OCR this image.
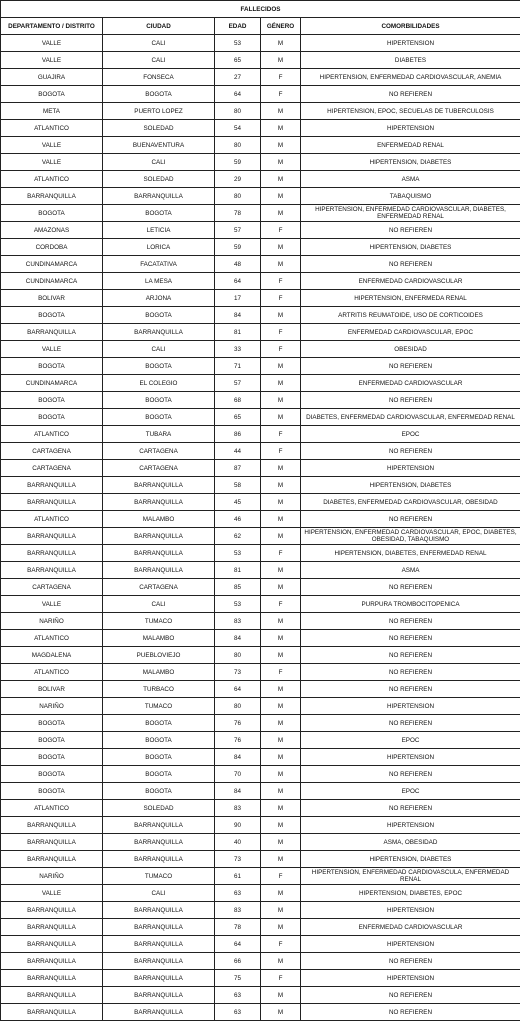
FALLECIDOS				
DEPARTAMENTO / DISTRITO	CIUDAD	EDAD	GÉNERO	COMORBILIDADES
VALLE	CALI	53	M	HIPERTENSION
VALLE	CALI	65	M	DIABETES
GUAJIRA	FONSECA	27	F	HIPERTENSION, ENFERMEDAD CARDIOVASCULAR, ANEMIA
BOGOTA	BOGOTA	64	F	NO REFIEREN
META	PUERTO LOPEZ	80	M	HIPERTENSION, EPOC, SECUELAS DE TUBERCULOSIS
ATLANTICO	SOLEDAD	54	M	HIPERTENSION
VALLE	BUENAVENTURA	80	M	ENFERMEDAD RENAL
VALLE	CALI	59	M	HIPERTENSION, DIABETES
ATLANTICO	SOLEDAD	29	M	ASMA
BARRANQUILLA	BARRANQUILLA	80	M	TABAQUISMO
BOGOTA	BOGOTA	78	M	HIPERTENSION, ENFERMEDAD CARDIOVASCULAR, DIABETES, ENFERMEDAD RENAL
AMAZONAS	LETICIA	57	F	NO REFIEREN
CORDOBA	LORICA	59	M	HIPERTENSION, DIABETES
CUNDINAMARCA	FACATATIVA	48	M	NO REFIEREN
CUNDINAMARCA	LA MESA	64	F	ENFERMEDAD CARDIOVASCULAR
BOLIVAR	ARJONA	17	F	HIPERTENSION, ENFERMEDA RENAL
BOGOTA	BOGOTA	84	M	ARTRITIS REUMATOIDE, USO DE CORTICOIDES
BARRANQUILLA	BARRANQUILLA	81	F	ENFERMEDAD CARDIOVASCULAR, EPOC
VALLE	CALI	33	F	OBESIDAD
BOGOTA	BOGOTA	71	M	NO REFIEREN
CUNDINAMARCA	EL COLEGIO	57	M	ENFERMEDAD CARDIOVASCULAR
BOGOTA	BOGOTA	68	M	NO REFIEREN
BOGOTA	BOGOTA	65	M	DIABETES, ENFERMEDAD CARDIOVASCULAR, ENFERMEDAD RENAL
ATLANTICO	TUBARA	86	F	EPOC
CARTAGENA	CARTAGENA	44	F	NO REFIEREN
CARTAGENA	CARTAGENA	87	M	HIPERTENSION
BARRANQUILLA	BARRANQUILLA	58	M	HIPERTENSION, DIABETES
BARRANQUILLA	BARRANQUILLA	45	M	DIABETES, ENFERMEDAD CARDIOVASCULAR, OBESIDAD
ATLANTICO	MALAMBO	46	M	NO REFIEREN
BARRANQUILLA	BARRANQUILLA	62	M	HIPERTENSION, ENFERMEDAD CARDIOVASCULAR, EPOC, DIABETES, OBESIDAD, TABAQUISMO
BARRANQUILLA	BARRANQUILLA	53	F	HIPERTENSION, DIABETES, ENFERMEDAD RENAL
BARRANQUILLA	BARRANQUILLA	81	M	ASMA
CARTAGENA	CARTAGENA	85	M	NO REFIEREN
VALLE	CALI	53	F	PURPURA TROMBOCITOPENICA
NARIÑO	TUMACO	83	M	NO REFIEREN
ATLANTICO	MALAMBO	84	M	NO REFIEREN
MAGDALENA	PUEBLOVIEJO	80	M	NO REFIEREN
ATLANTICO	MALAMBO	73	F	NO REFIEREN
BOLIVAR	TURBACO	64	M	NO REFIEREN
NARIÑO	TUMACO	80	M	HIPERTENSION
BOGOTA	BOGOTA	76	M	NO REFIEREN
BOGOTA	BOGOTA	76	M	EPOC
BOGOTA	BOGOTA	84	M	HIPERTENSION
BOGOTA	BOGOTA	70	M	NO REFIEREN
BOGOTA	BOGOTA	84	M	EPOC
ATLANTICO	SOLEDAD	83	M	NO REFIEREN
BARRANQUILLA	BARRANQUILLA	90	M	HIPERTENSION
BARRANQUILLA	BARRANQUILLA	40	M	ASMA, OBESIDAD
BARRANQUILLA	BARRANQUILLA	73	M	HIPERTENSION, DIABETES
NARIÑO	TUMACO	61	F	HIPERTENSION, ENFERMEDAD CARDIOVASCULA, ENFERMEDAD RENAL
VALLE	CALI	63	M	HIPERTENSION, DIABETES, EPOC
BARRANQUILLA	BARRANQUILLA	83	M	HIPERTENSION
BARRANQUILLA	BARRANQUILLA	78	M	ENFERMEDAD CARDIOVASCULAR
BARRANQUILLA	BARRANQUILLA	64	F	HIPERTENSION
BARRANQUILLA	BARRANQUILLA	66	M	NO REFIEREN
BARRANQUILLA	BARRANQUILLA	75	F	HIPERTENSION
BARRANQUILLA	BARRANQUILLA	63	M	NO REFIEREN
BARRANQUILLA	BARRANQUILLA	63	M	NO REFIEREN
